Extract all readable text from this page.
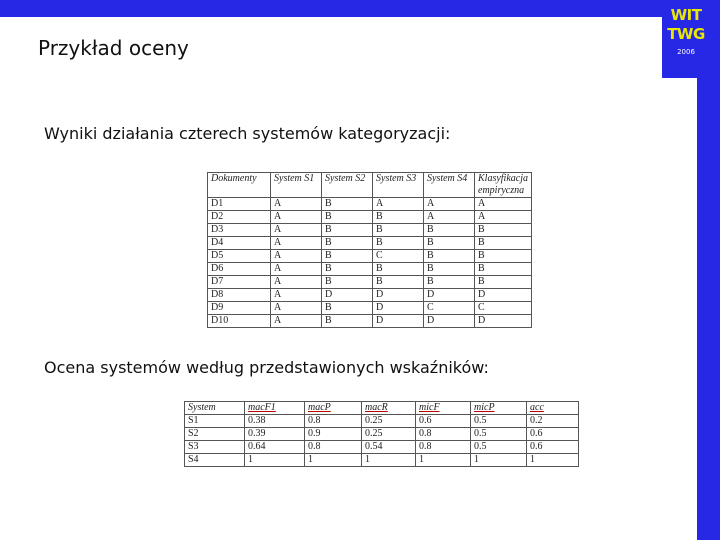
WIT
TWG
2006
Przykład oceny
Wyniki działania czterech systemów kategoryzacji:
Dokumenty	System S1	System S2	System S3	System S4	Klasyfikacja empiryczna
D1	A	B	A	A	A
D2	A	B	B	A	A
D3	A	B	B	B	B
D4	A	B	B	B	B
D5	A	B	C	B	B
D6	A	B	B	B	B
D7	A	B	B	B	B
D8	A	D	D	D	D
D9	A	B	D	C	C
D10	A	B	D	D	D
Ocena systemów według przedstawionych wskaźników:
System	macF1	macP	macR	micF	micP	acc
S1	0.38	0.8	0.25	0.6	0.5	0.2
S2	0.39	0.9	0.25	0.8	0.5	0.6
S3	0.64	0.8	0.54	0.8	0.5	0.6
S4	1	1	1	1	1	1
